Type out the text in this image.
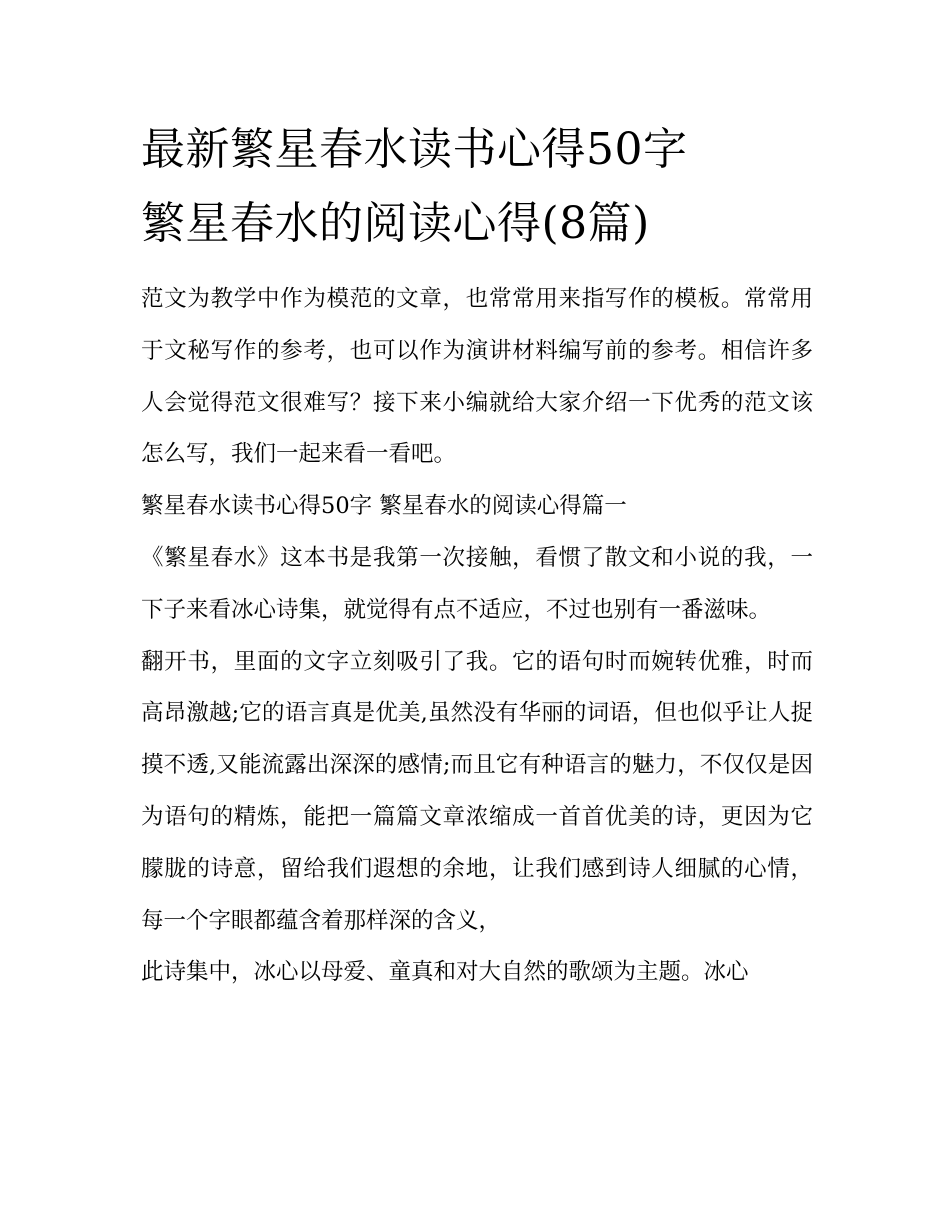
最新繁星春水读书心得50字
繁星春水的阅读心得(8篇)

范文为教学中作为模范的文章，也常常用来指写作的模板。常常用于文秘写作的参考，也可以作为演讲材料编写前的参考。相信许多人会觉得范文很难写？接下来小编就给大家介绍一下优秀的范文该怎么写，我们一起来看一看吧。

繁星春水读书心得50字 繁星春水的阅读心得篇一

《繁星春水》这本书是我第一次接触，看惯了散文和小说的我，一下子来看冰心诗集，就觉得有点不适应，不过也别有一番滋味。

翻开书，里面的文字立刻吸引了我。它的语句时而婉转优雅，时而高昂激越;它的语言真是优美,虽然没有华丽的词语，但也似乎让人捉摸不透,又能流露出深深的感情;而且它有种语言的魅力，不仅仅是因为语句的精炼，能把一篇篇文章浓缩成一首首优美的诗，更因为它朦胧的诗意，留给我们遐想的余地，让我们感到诗人细腻的心情，每一个字眼都蕴含着那样深的含义，

此诗集中，冰心以母爱、童真和对大自然的歌颂为主题。冰心
